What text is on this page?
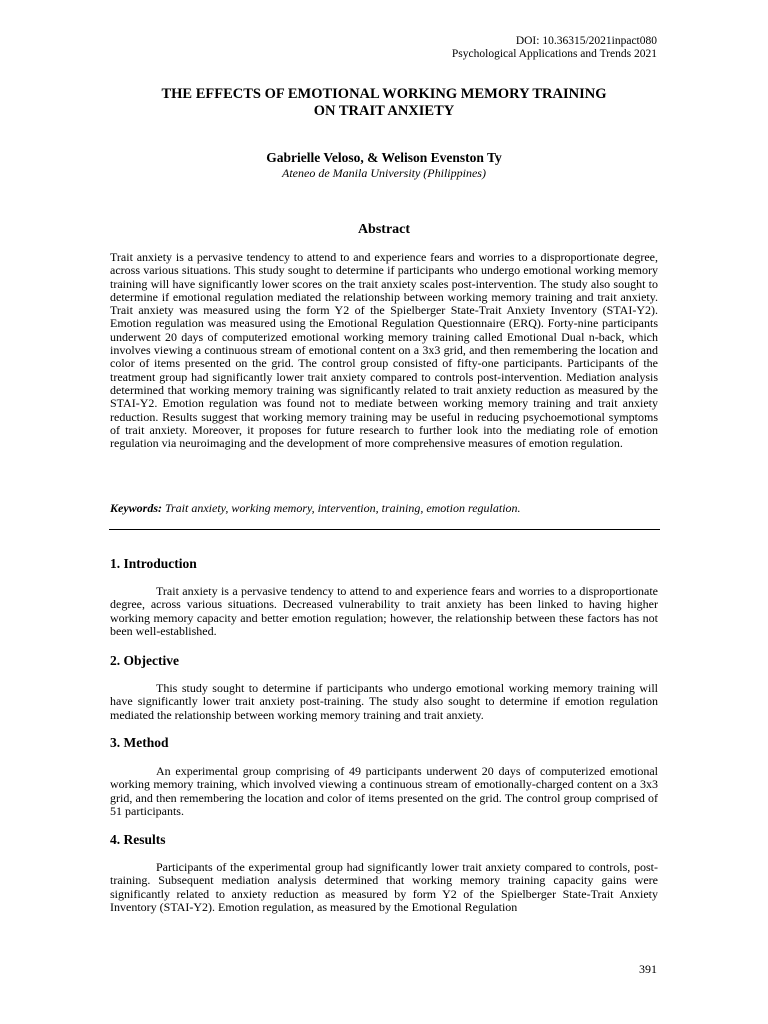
DOI: 10.36315/2021inpact080
Psychological Applications and Trends 2021
THE EFFECTS OF EMOTIONAL WORKING MEMORY TRAINING
ON TRAIT ANXIETY
Gabrielle Veloso, & Welison Evenston Ty
Ateneo de Manila University (Philippines)
Abstract

Trait anxiety is a pervasive tendency to attend to and experience fears and worries to a disproportionate degree, across various situations. This study sought to determine if participants who undergo emotional working memory training will have significantly lower scores on the trait anxiety scales post-intervention. The study also sought to determine if emotional regulation mediated the relationship between working memory training and trait anxiety. Trait anxiety was measured using the form Y2 of the Spielberger State-Trait Anxiety Inventory (STAI-Y2). Emotion regulation was measured using the Emotional Regulation Questionnaire (ERQ). Forty-nine participants underwent 20 days of computerized emotional working memory training called Emotional Dual n-back, which involves viewing a continuous stream of emotional content on a 3x3 grid, and then remembering the location and color of items presented on the grid. The control group consisted of fifty-one participants. Participants of the treatment group had significantly lower trait anxiety compared to controls post-intervention. Mediation analysis determined that working memory training was significantly related to trait anxiety reduction as measured by the STAI-Y2. Emotion regulation was found not to mediate between working memory training and trait anxiety reduction. Results suggest that working memory training may be useful in reducing psychoemotional symptoms of trait anxiety. Moreover, it proposes for future research to further look into the mediating role of emotion regulation via neuroimaging and the development of more comprehensive measures of emotion regulation.

Keywords: Trait anxiety, working memory, intervention, training, emotion regulation.

1. Introduction

Trait anxiety is a pervasive tendency to attend to and experience fears and worries to a disproportionate degree, across various situations. Decreased vulnerability to trait anxiety has been linked to having higher working memory capacity and better emotion regulation; however, the relationship between these factors has not been well-established.

2. Objective

This study sought to determine if participants who undergo emotional working memory training will have significantly lower trait anxiety post-training. The study also sought to determine if emotion regulation mediated the relationship between working memory training and trait anxiety.

3. Method

An experimental group comprising of 49 participants underwent 20 days of computerized emotional working memory training, which involved viewing a continuous stream of emotionally-charged content on a 3x3 grid, and then remembering the location and color of items presented on the grid. The control group comprised of 51 participants.

4. Results

Participants of the experimental group had significantly lower trait anxiety compared to controls, post-training. Subsequent mediation analysis determined that working memory training capacity gains were significantly related to anxiety reduction as measured by form Y2 of the Spielberger State-Trait Anxiety Inventory (STAI-Y2). Emotion regulation, as measured by the Emotional Regulation

391
